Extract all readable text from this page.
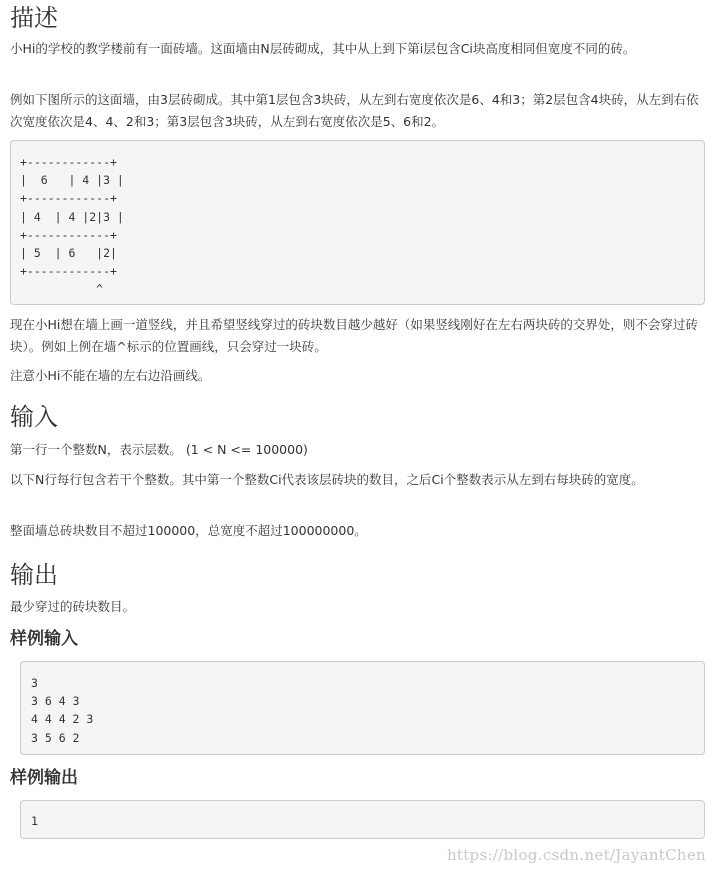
描述

小Hi的学校的教学楼前有一面砖墙。这面墙由N层砖砌成，其中从上到下第i层包含Ci块高度相同但宽度不同的砖。

例如下图所示的这面墙，由3层砖砌成。其中第1层包含3块砖，从左到右宽度依次是6、4和3；第2层包含4块砖，从左到右依次宽度依次是4、4、2和3；第3层包含3块砖，从左到右宽度依次是5、6和2。

+------------+
|  6   | 4 |3 |
+------------+
| 4  | 4 |2|3 |
+------------+
| 5  | 6   |2|
+------------+
^

现在小Hi想在墙上画一道竖线，并且希望竖线穿过的砖块数目越少越好（如果竖线刚好在左右两块砖的交界处，则不会穿过砖块）。例如上例在墙^标示的位置画线，只会穿过一块砖。

注意小Hi不能在墙的左右边沿画线。

输入

第一行一个整数N，表示层数。 (1 < N <= 100000)

以下N行每行包含若干个整数。其中第一个整数Ci代表该层砖块的数目，之后Ci个整数表示从左到右每块砖的宽度。

整面墙总砖块数目不超过100000，总宽度不超过100000000。

输出

最少穿过的砖块数目。

样例输入
3
3 6 4 3
4 4 4 2 3
3 5 6 2
样例输出
1
https://blog.csdn.net/JayantChen
